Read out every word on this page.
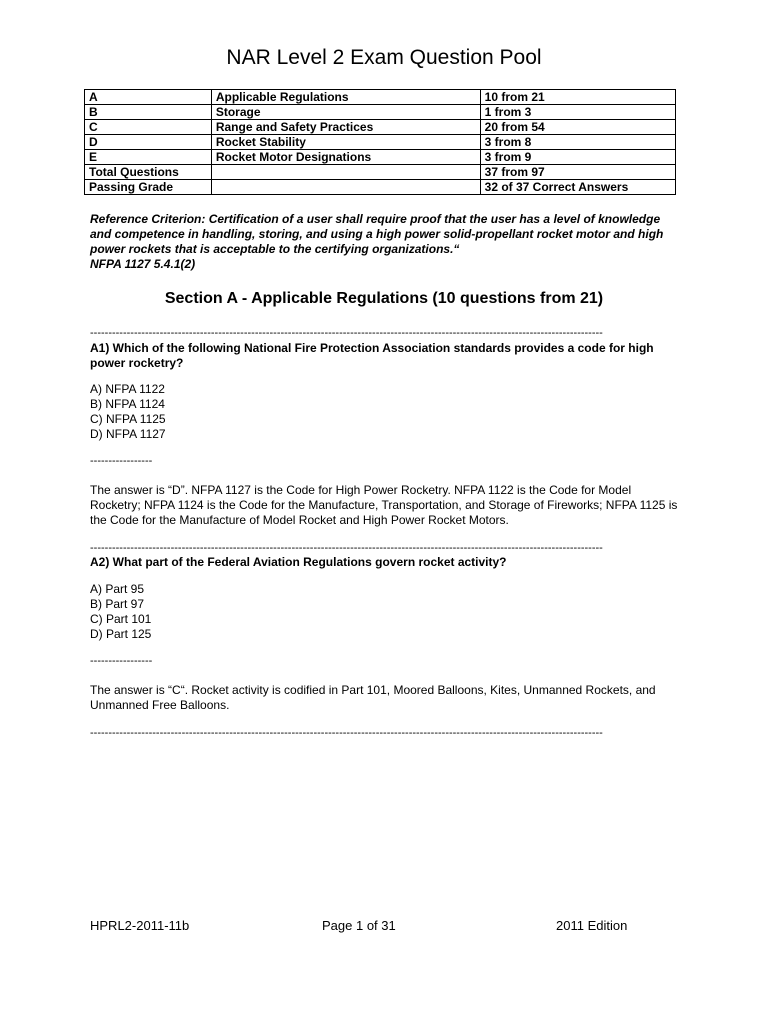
NAR Level 2 Exam Question Pool
A	Applicable Regulations	10 from 21
B	Storage	1 from 3
C	Range and Safety Practices	20 from 54
D	Rocket Stability	3 from 8
E	Rocket Motor Designations	3 from 9
Total Questions		37 from 97
Passing Grade		32 of 37 Correct Answers
Reference Criterion: Certification of a user shall require proof that the user has a level of knowledge and competence in handling, storing, and using a high power solid-propellant rocket motor and high power rockets that is acceptable to the certifying organizations.“
NFPA 1127 5.4.1(2)
Section A - Applicable Regulations (10 questions from 21)
--------------------------------------------------------------------------------------------------------------------------------------------
A1) Which of the following National Fire Protection Association standards provides a code for high power rocketry?
A) NFPA 1122
B) NFPA 1124
C) NFPA 1125
D) NFPA 1127
-----------------
The answer is “D”. NFPA 1127 is the Code for High Power Rocketry. NFPA 1122 is the Code for Model Rocketry; NFPA 1124 is the Code for the Manufacture, Transportation, and Storage of Fireworks; NFPA 1125 is the Code for the Manufacture of Model Rocket and High Power Rocket Motors.
--------------------------------------------------------------------------------------------------------------------------------------------
A2) What part of the Federal Aviation Regulations govern rocket activity?
A) Part 95
B) Part 97
C) Part 101
D) Part 125
-----------------
The answer is “C“. Rocket activity is codified in Part 101, Moored Balloons, Kites, Unmanned Rockets, and Unmanned Free Balloons.
--------------------------------------------------------------------------------------------------------------------------------------------
HPRL2-2011-11b	Page 1 of 31	2011 Edition
